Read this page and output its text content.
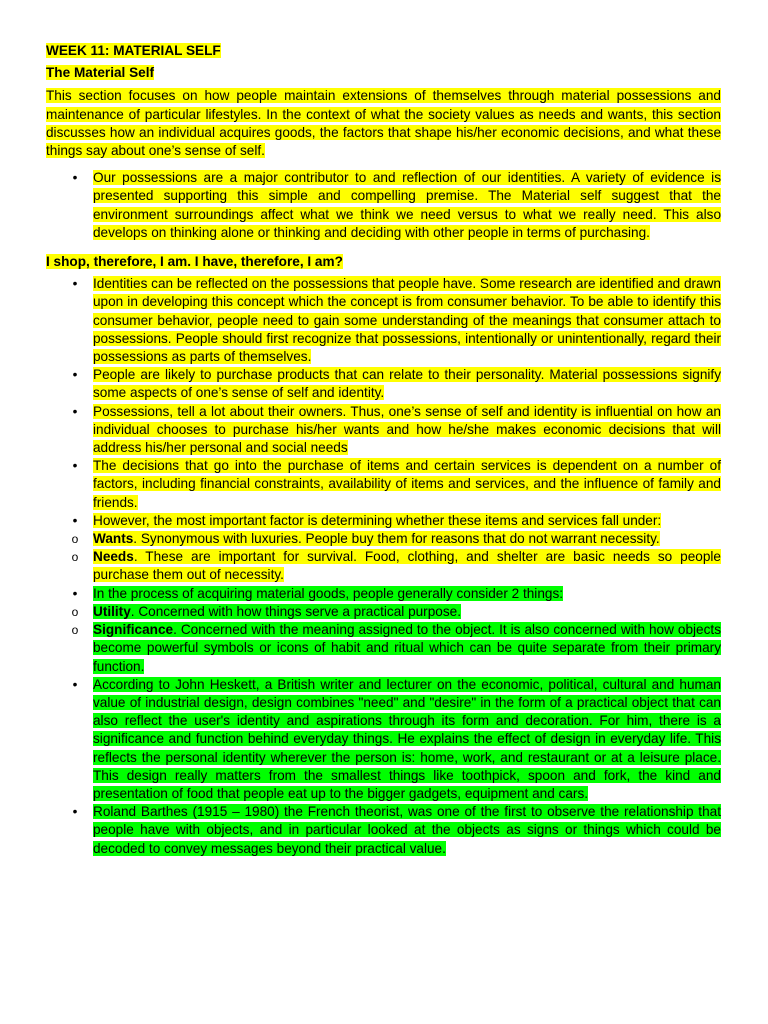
WEEK 11: MATERIAL SELF
The Material Self

This section focuses on how people maintain extensions of themselves through material possessions and maintenance of particular lifestyles. In the context of what the society values as needs and wants, this section discusses how an individual acquires goods, the factors that shape his/her economic decisions, and what these things say about one’s sense of self.

•	Our possessions are a major contributor to and reflection of our identities. A variety of evidence is presented supporting this simple and compelling premise. The Material self suggest that the environment surroundings affect what we think we need versus to what we really need. This also develops on thinking alone or thinking and deciding with other people in terms of purchasing.
I shop, therefore, I am. I have, therefore, I am?
•	Identities can be reflected on the possessions that people have. Some research are identified and drawn upon in developing this concept which the concept is from consumer behavior. To be able to identify this consumer behavior, people need to gain some understanding of the meanings that consumer attach to possessions. People should first recognize that possessions, intentionally or unintentionally, regard their possessions as parts of themselves.
•	People are likely to purchase products that can relate to their personality. Material possessions signify some aspects of one’s sense of self and identity.
•	Possessions, tell a lot about their owners. Thus, one’s sense of self and identity is influential on how an individual chooses to purchase his/her wants and how he/she makes economic decisions that will address his/her personal and social needs
•	The decisions that go into the purchase of items and certain services is dependent on a number of factors, including financial constraints, availability of items and services, and the influence of family and friends.
•	However, the most important factor is determining whether these items and services fall under:
o Wants. Synonymous with luxuries. People buy them for reasons that do not warrant necessity.
o Needs. These are important for survival. Food, clothing, and shelter are basic needs so people purchase them out of necessity.
•	In the process of acquiring material goods, people generally consider 2 things:
o Utility. Concerned with how things serve a practical purpose.
o Significance. Concerned with the meaning assigned to the object. It is also concerned with how objects become powerful symbols or icons of habit and ritual which can be quite separate from their primary function.
•	According to John Heskett, a British writer and lecturer on the economic, political, cultural and human value of industrial design, design combines "need" and "desire" in the form of a practical object that can also reflect the user's identity and aspirations through its form and decoration. For him, there is a significance and function behind everyday things. He explains the effect of design in everyday life. This reflects the personal identity wherever the person is: home, work, and restaurant or at a leisure place. This design really matters from the smallest things like toothpick, spoon and fork, the kind and presentation of food that people eat up to the bigger gadgets, equipment and cars.
•	Roland Barthes (1915 – 1980) the French theorist, was one of the first to observe the relationship that people have with objects, and in particular looked at the objects as signs or things which could be decoded to convey messages beyond their practical value.
